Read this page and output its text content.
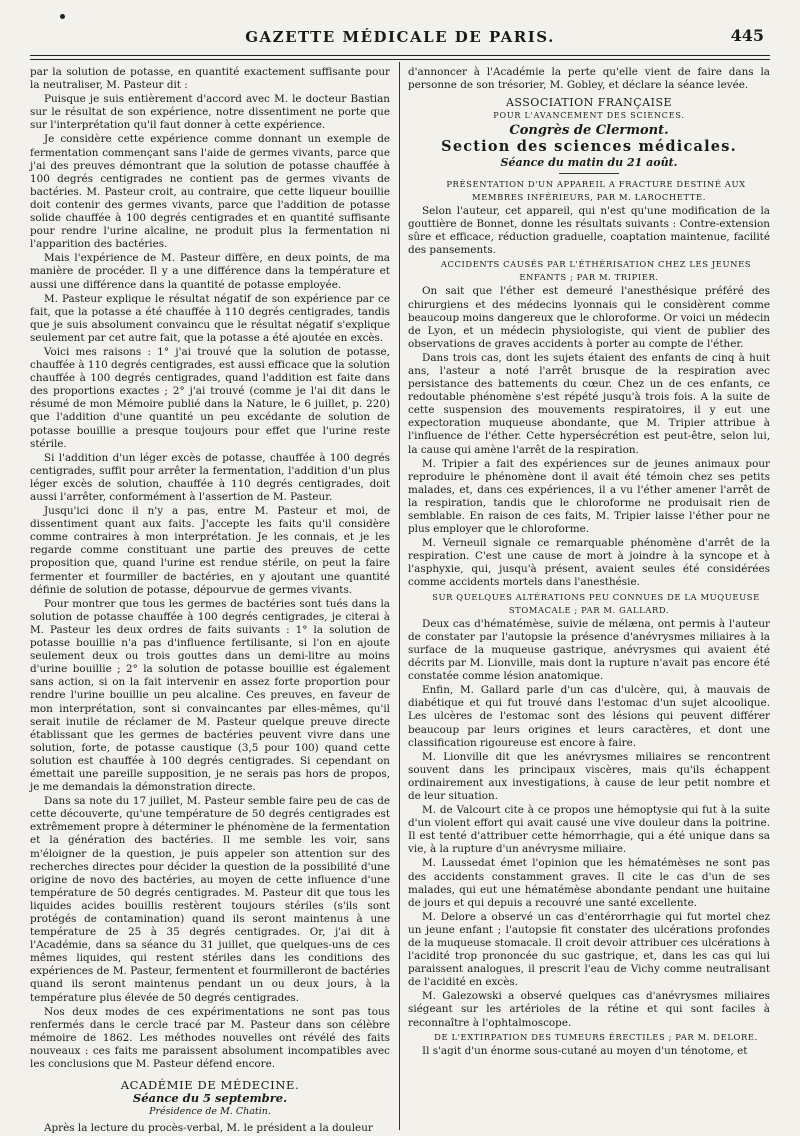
GAZETTE MÉDICALE DE PARIS.	445

par la solution de potasse, en quantité exactement suffisante pour la neutraliser, M. Pasteur dit :

Puisque je suis entièrement d'accord avec M. le docteur Bastian sur le résultat de son expérience, notre dissentiment ne porte que sur l'interprétation qu'il faut donner à cette expérience.

Je considère cette expérience comme donnant un exemple de fermentation commençant sans l'aide de germes vivants, parce que j'ai des preuves démontrant que la solution de potasse chauffée à 100 degrés centigrades ne contient pas de germes vivants de bactéries. M. Pasteur croit, au contraire, que cette liqueur bouillie doit contenir des germes vivants, parce que l'addition de potasse solide chauffée à 100 degrés centigrades et en quantité suffisante pour rendre l'urine alcaline, ne produit plus la fermentation ni l'apparition des bactéries.

Mais l'expérience de M. Pasteur diffère, en deux points, de ma manière de procéder. Il y a une différence dans la température et aussi une différence dans la quantité de potasse employée.

M. Pasteur explique le résultat négatif de son expérience par ce fait, que la potasse a été chauffée à 110 degrés centigrades, tandis que je suis absolument convaincu que le résultat négatif s'explique seulement par cet autre fait, que la potasse a été ajoutée en excès.

Voici mes raisons : 1° j'ai trouvé que la solution de potasse, chauffée à 110 degrés centigrades, est aussi efficace que la solution chauffée à 100 degrés centigrades, quand l'addition est faite dans des proportions exactes ; 2° j'ai trouvé (comme je l'ai dit dans le résumé de mon Mémoire publié dans la Nature, le 6 juillet, p. 220) que l'addition d'une quantité un peu excédante de solution de potasse bouillie a presque toujours pour effet que l'urine reste stérile.

Si l'addition d'un léger excès de potasse, chauffée à 100 degrés centigrades, suffit pour arrêter la fermentation, l'addition d'un plus léger excès de solution, chauffée à 110 degrés centigrades, doit aussi l'arrêter, conformément à l'assertion de M. Pasteur.

Jusqu'ici donc il n'y a pas, entre M. Pasteur et moi, de dissentiment quant aux faits. J'accepte les faits qu'il considère comme contraires à mon interprétation. Je les connais, et je les regarde comme constituant une partie des preuves de cette proposition que, quand l'urine est rendue stérile, on peut la faire fermenter et fourmiller de bactéries, en y ajoutant une quantité définie de solution de potasse, dépourvue de germes vivants.

Pour montrer que tous les germes de bactéries sont tués dans la solution de potasse chauffée à 100 degrés centigrades, je citerai à M. Pasteur les deux ordres de faits suivants : 1° la solution de potasse bouillie n'a pas d'influence fertilisante, si l'on en ajoute seulement deux ou trois gouttes dans un demi-litre au moins d'urine bouillie ; 2° la solution de potasse bouillie est également sans action, si on la fait intervenir en assez forte proportion pour rendre l'urine bouillie un peu alcaline. Ces preuves, en faveur de mon interprétation, sont si convaincantes par elles-mêmes, qu'il serait inutile de réclamer de M. Pasteur quelque preuve directe établissant que les germes de bactéries peuvent vivre dans une solution, forte, de potasse caustique (3,5 pour 100) quand cette solution est chauffée à 100 degrés centigrades. Si cependant on émettait une pareille supposition, je ne serais pas hors de propos, je me demandais la démonstration directe.

Dans sa note du 17 juillet, M. Pasteur semble faire peu de cas de cette découverte, qu'une température de 50 degrés centigrades est extrêmement propre à déterminer le phénomène de la fermentation et la génération des bactéries. Il me semble les voir, sans m'éloigner de la question, je puis appeler son attention sur des recherches directes pour décider la question de la possibilité d'une origine de novo des bactéries, au moyen de cette influence d'une température de 50 degrés centigrades. M. Pasteur dit que tous les liquides acides bouillis restèrent toujours stériles (s'ils sont protégés de contamination) quand ils seront maintenus à une température de 25 à 35 degrés centigrades. Or, j'ai dit à l'Académie, dans sa séance du 31 juillet, que quelques-uns de ces mêmes liquides, qui restent stériles dans les conditions des expériences de M. Pasteur, fermentent et fourmilleront de bactéries quand ils seront maintenus pendant un ou deux jours, à la température plus élevée de 50 degrés centigrades.

Nos deux modes de ces expérimentations ne sont pas tous renfermés dans le cercle tracé par M. Pasteur dans son célèbre mémoire de 1862. Les méthodes nouvelles ont révélé des faits nouveaux : ces faits me paraissent absolument incompatibles avec les conclusions que M. Pasteur défend encore.

ACADÉMIE DE MÉDECINE.
Séance du 5 septembre.
Présidence de M. Chatin.

Après la lecture du procès-verbal, M. le président a la douleur

d'annoncer à l'Académie la perte qu'elle vient de faire dans la personne de son trésorier, M. Gobley, et déclare la séance levée.

ASSOCIATION FRANÇAISE
POUR L'AVANCEMENT DES SCIENCES.
Congrès de Clermont.
Section des sciences médicales.
Séance du matin du 21 août.

PRÉSENTATION D'UN APPAREIL A FRACTURE DESTINÉ AUX MEMBRES INFÉRIEURS, PAR M. LAROCHETTE.

Selon l'auteur, cet appareil, qui n'est qu'une modification de la gouttière de Bonnet, donne les résultats suivants : Contre-extension sûre et efficace, réduction graduelle, coaptation maintenue, facilité des pansements.

ACCIDENTS CAUSÉS PAR L'ÉTHÉRISATION CHEZ LES JEUNES ENFANTS ; PAR M. TRIPIER.

On sait que l'éther est demeuré l'anesthésique préféré des chirurgiens et des médecins lyonnais qui le considèrent comme beaucoup moins dangereux que le chloroforme. Or voici un médecin de Lyon, et un médecin physiologiste, qui vient de publier des observations de graves accidents à porter au compte de l'éther.

Dans trois cas, dont les sujets étaient des enfants de cinq à huit ans, l'asteur a noté l'arrêt brusque de la respiration avec persistance des battements du cœur. Chez un de ces enfants, ce redoutable phénomène s'est répété jusqu'à trois fois. A la suite de cette suspension des mouvements respiratoires, il y eut une expectoration muqueuse abondante, que M. Tripier attribue à l'influence de l'éther. Cette hypersécrétion est peut-être, selon lui, la cause qui amène l'arrêt de la respiration.

M. Tripier a fait des expériences sur de jeunes animaux pour reproduire le phénomène dont il avait été témoin chez ses petits malades, et, dans ces expériences, il a vu l'éther amener l'arrêt de la respiration, tandis que le chloroforme ne produisait rien de semblable. En raison de ces faits, M. Tripier laisse l'éther pour ne plus employer que le chloroforme.

M. Verneuil signale ce remarquable phénomène d'arrêt de la respiration. C'est une cause de mort à joindre à la syncope et à l'asphyxie, qui, jusqu'à présent, avaient seules été considérées comme accidents mortels dans l'anesthésie.

SUR QUELQUES ALTÉRATIONS PEU CONNUES DE LA MUQUEUSE STOMACALE ; PAR M. GALLARD.

Deux cas d'hématémèse, suivie de mélæna, ont permis à l'auteur de constater par l'autopsie la présence d'anévrysmes miliaires à la surface de la muqueuse gastrique, anévrysmes qui avaient été décrits par M. Lionville, mais dont la rupture n'avait pas encore été constatée comme lésion anatomique.

Enfin, M. Gallard parle d'un cas d'ulcère, qui, à mauvais de diabétique et qui fut trouvé dans l'estomac d'un sujet alcoolique. Les ulcères de l'estomac sont des lésions qui peuvent différer beaucoup par leurs origines et leurs caractères, et dont une classification rigoureuse est encore à faire.

M. Lionville dit que les anévrysmes miliaires se rencontrent souvent dans les principaux viscères, mais qu'ils échappent ordinairement aux investigations, à cause de leur petit nombre et de leur situation.

M. de Valcourt cite à ce propos une hémoptysie qui fut à la suite d'un violent effort qui avait causé une vive douleur dans la poitrine. Il est tenté d'attribuer cette hémorrhagie, qui a été unique dans sa vie, à la rupture d'un anévrysme miliaire.

M. Laussedat émet l'opinion que les hématémèses ne sont pas des accidents constamment graves. Il cite le cas d'un de ses malades, qui eut une hématémèse abondante pendant une huitaine de jours et qui depuis a recouvré une santé excellente.

M. Delore a observé un cas d'entérorrhagie qui fut mortel chez un jeune enfant ; l'autopsie fit constater des ulcérations profondes de la muqueuse stomacale. Il croit devoir attribuer ces ulcérations à l'acidité trop prononcée du suc gastrique, et, dans les cas qui lui paraissent analogues, il prescrit l'eau de Vichy comme neutralisant de l'acidité en excès.

M. Galezowski a observé quelques cas d'anévrysmes miliaires siégeant sur les artérioles de la rétine et qui sont faciles à reconnaître à l'ophtalmoscope.

DE L'EXTIRPATION DES TUMEURS ÉRECTILES ; PAR M. DELORE.

Il s'agit d'un énorme sous-cutané au moyen d'un ténotome, et
